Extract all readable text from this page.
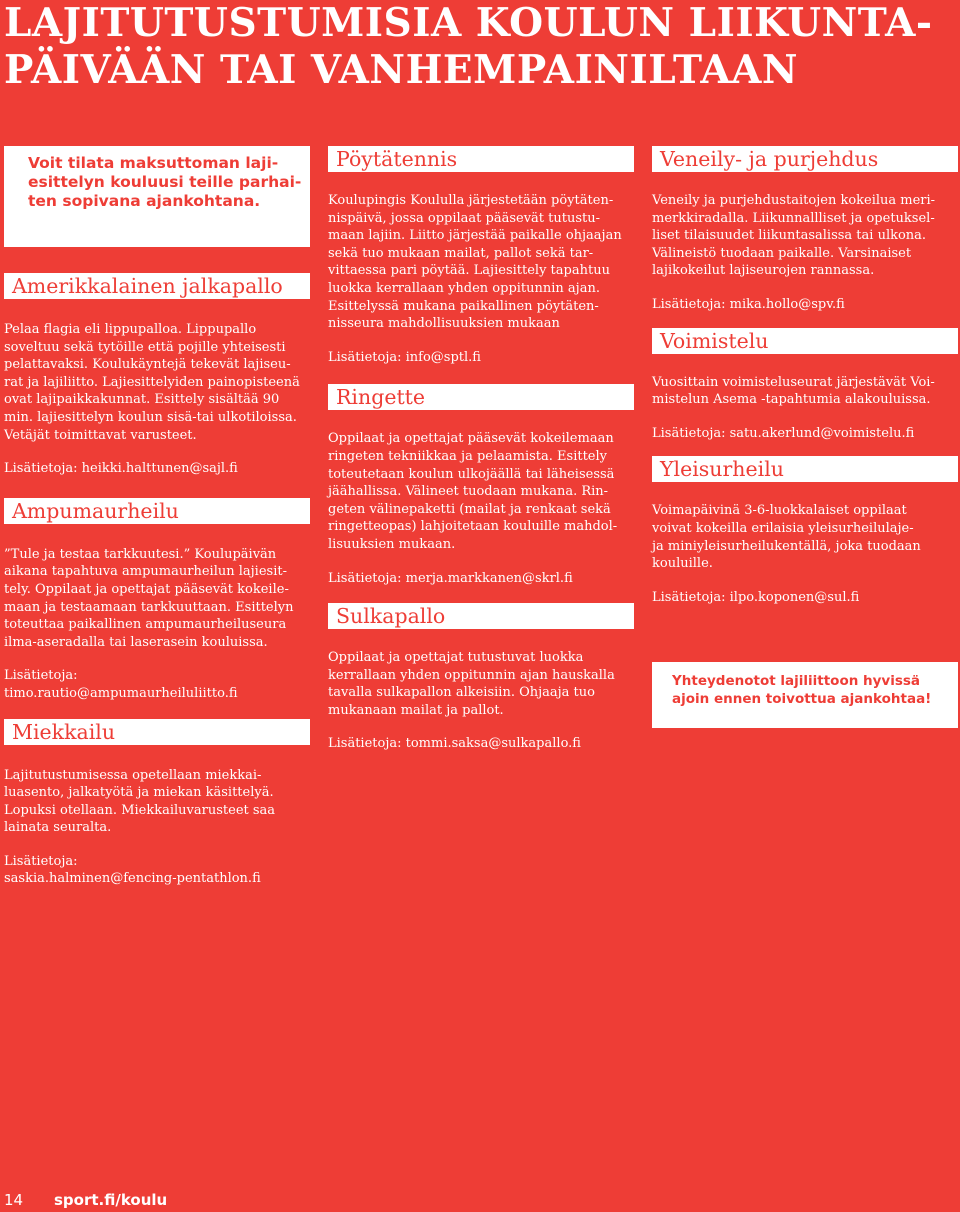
LAJITUTUSTUMISIA KOULUN LIIKUNTA-
PÄIVÄÄN TAI VANHEMPAINILTAAN
Voit tilata maksuttoman laji-
esittelyn kouluusi teille parhai-
ten sopivana ajankohtana.
Amerikkalainen jalkapallo
Pelaa flagia eli lippupalloa. Lippupallo
soveltuu sekä tytöille että pojille yhteisesti
pelattavaksi. Koulukäyntejä tekevät lajiseu-
rat ja lajiliitto. Lajiesittelyiden painopisteenä
ovat lajipaikkakunnat. Esittely sisältää 90
min. lajiesittelyn koulun sisä-tai ulkotiloissa.
Vetäjät toimittavat varusteet.
Lisätietoja: heikki.halttunen@sajl.fi
Ampumaurheilu
”Tule ja testaa tarkkuutesi.” Koulupäivän
aikana tapahtuva ampumaurheilun lajiesit-
tely. Oppilaat ja opettajat pääsevät kokeile-
maan ja testaamaan tarkkuuttaan. Esittelyn
toteuttaa paikallinen ampumaurheiluseura
ilma-aseradalla tai laserasein kouluissa.
Lisätietoja:
timo.rautio@ampumaurheiluliitto.fi
Miekkailu
Lajitutustumisessa opetellaan miekkai-
luasento, jalkatyötä ja miekan käsittelyä.
Lopuksi otellaan. Miekkailuvarusteet saa
lainata seuralta.
Lisätietoja:
saskia.halminen@fencing-pentathlon.fi
Pöytätennis
Koulupingis Koululla järjestetään pöytäten-
nispäivä, jossa oppilaat pääsevät tutustu-
maan lajiin. Liitto järjestää paikalle ohjaajan
sekä tuo mukaan mailat, pallot sekä tar-
vittaessa pari pöytää. Lajiesittely tapahtuu
luokka kerrallaan yhden oppitunnin ajan.
Esittelyssä mukana paikallinen pöytäten-
nisseura mahdollisuuksien mukaan
Lisätietoja: info@sptl.fi
Ringette
Oppilaat ja opettajat pääsevät kokeilemaan
ringeten tekniikkaa ja pelaamista. Esittely
toteutetaan koulun ulkojäällä tai läheisessä
jäähallissa. Välineet tuodaan mukana. Rin-
geten välinepaketti (mailat ja renkaat sekä
ringetteopas) lahjoitetaan kouluille mahdol-
lisuuksien mukaan.
Lisätietoja: merja.markkanen@skrl.fi
Sulkapallo
Oppilaat ja opettajat tutustuvat luokka
kerrallaan yhden oppitunnin ajan hauskalla
tavalla sulkapallon alkeisiin. Ohjaaja tuo
mukanaan mailat ja pallot.
Lisätietoja: tommi.saksa@sulkapallo.fi
Veneily- ja purjehdus
Veneily ja purjehdustaitojen kokeilua meri-
merkkiradalla. Liikunnallliset ja opetuksel-
liset tilaisuudet liikuntasalissa tai ulkona.
Välineistö tuodaan paikalle. Varsinaiset
lajikokeilut lajiseurojen rannassa.
Lisätietoja: mika.hollo@spv.fi
Voimistelu
Vuosittain voimisteluseurat järjestävät Voi-
mistelun Asema -tapahtumia alakouluissa.
Lisätietoja: satu.akerlund@voimistelu.fi
Yleisurheilu
Voimapäivinä 3-6-luokkalaiset oppilaat
voivat kokeilla erilaisia yleisurheilulaje-
ja miniyleisurheilukentällä, joka tuodaan
kouluille.
Lisätietoja: ilpo.koponen@sul.fi
Yhteydenotot lajiliittoon hyvissä
ajoin ennen toivottua ajankohtaa!
14 sport.fi/koulu
